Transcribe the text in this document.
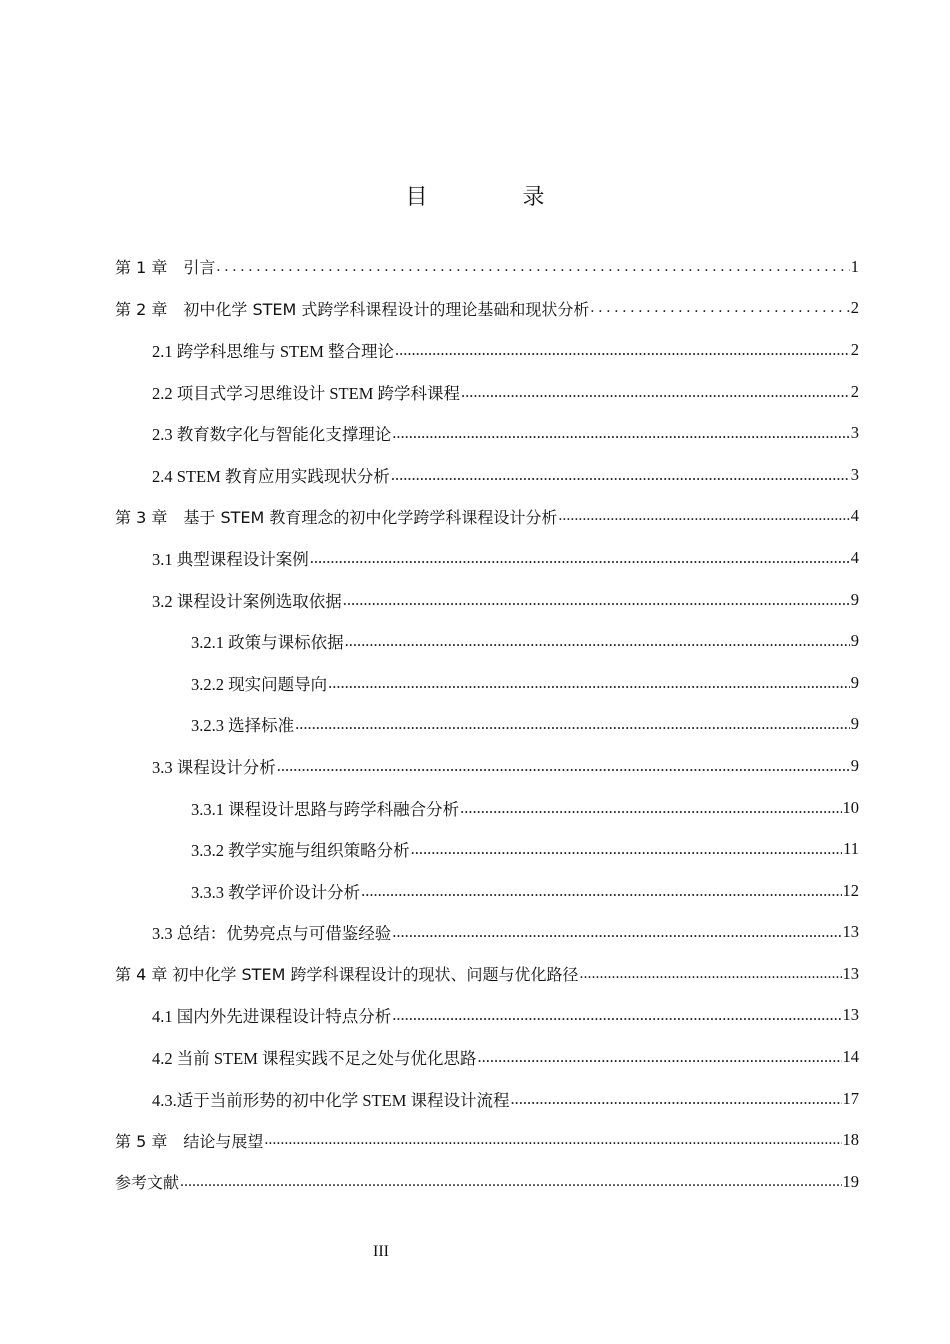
目 录
第 1 章　引言 . . .	1
第 2 章　初中化学 STEM 式跨学科课程设计的理论基础和现状分析 . . .	2
2.1 跨学科思维与 STEM 整合理论 .....	2
2.2 项目式学习思维设计 STEM 跨学科课程 .....	2
2.3 教育数字化与智能化支撑理论 .....	3
2.4 STEM 教育应用实践现状分析 .....	3
第 3 章　基于 STEM 教育理念的初中化学跨学科课程设计分析 .....	4
3.1 典型课程设计案例 .....	4
3.2 课程设计案例选取依据 .....	9
3.2.1 政策与课标依据 .....	9
3.2.2 现实问题导向 .....	9
3.2.3 选择标准 .....	9
3.3 课程设计分析 .....	9
3.3.1 课程设计思路与跨学科融合分析 .....	10
3.3.2 教学实施与组织策略分析 .....	11
3.3.3 教学评价设计分析 .....	12
3.3 总结：优势亮点与可借鉴经验 .....	13
第 4 章 初中化学 STEM 跨学科课程设计的现状、问题与优化路径 .....	13
4.1 国内外先进课程设计特点分析 .....	13
4.2 当前 STEM 课程实践不足之处与优化思路 .....	14
4.3.适于当前形势的初中化学 STEM 课程设计流程 .....	17
第 5 章　结论与展望 .....	18
参考文献 .....	19
III
